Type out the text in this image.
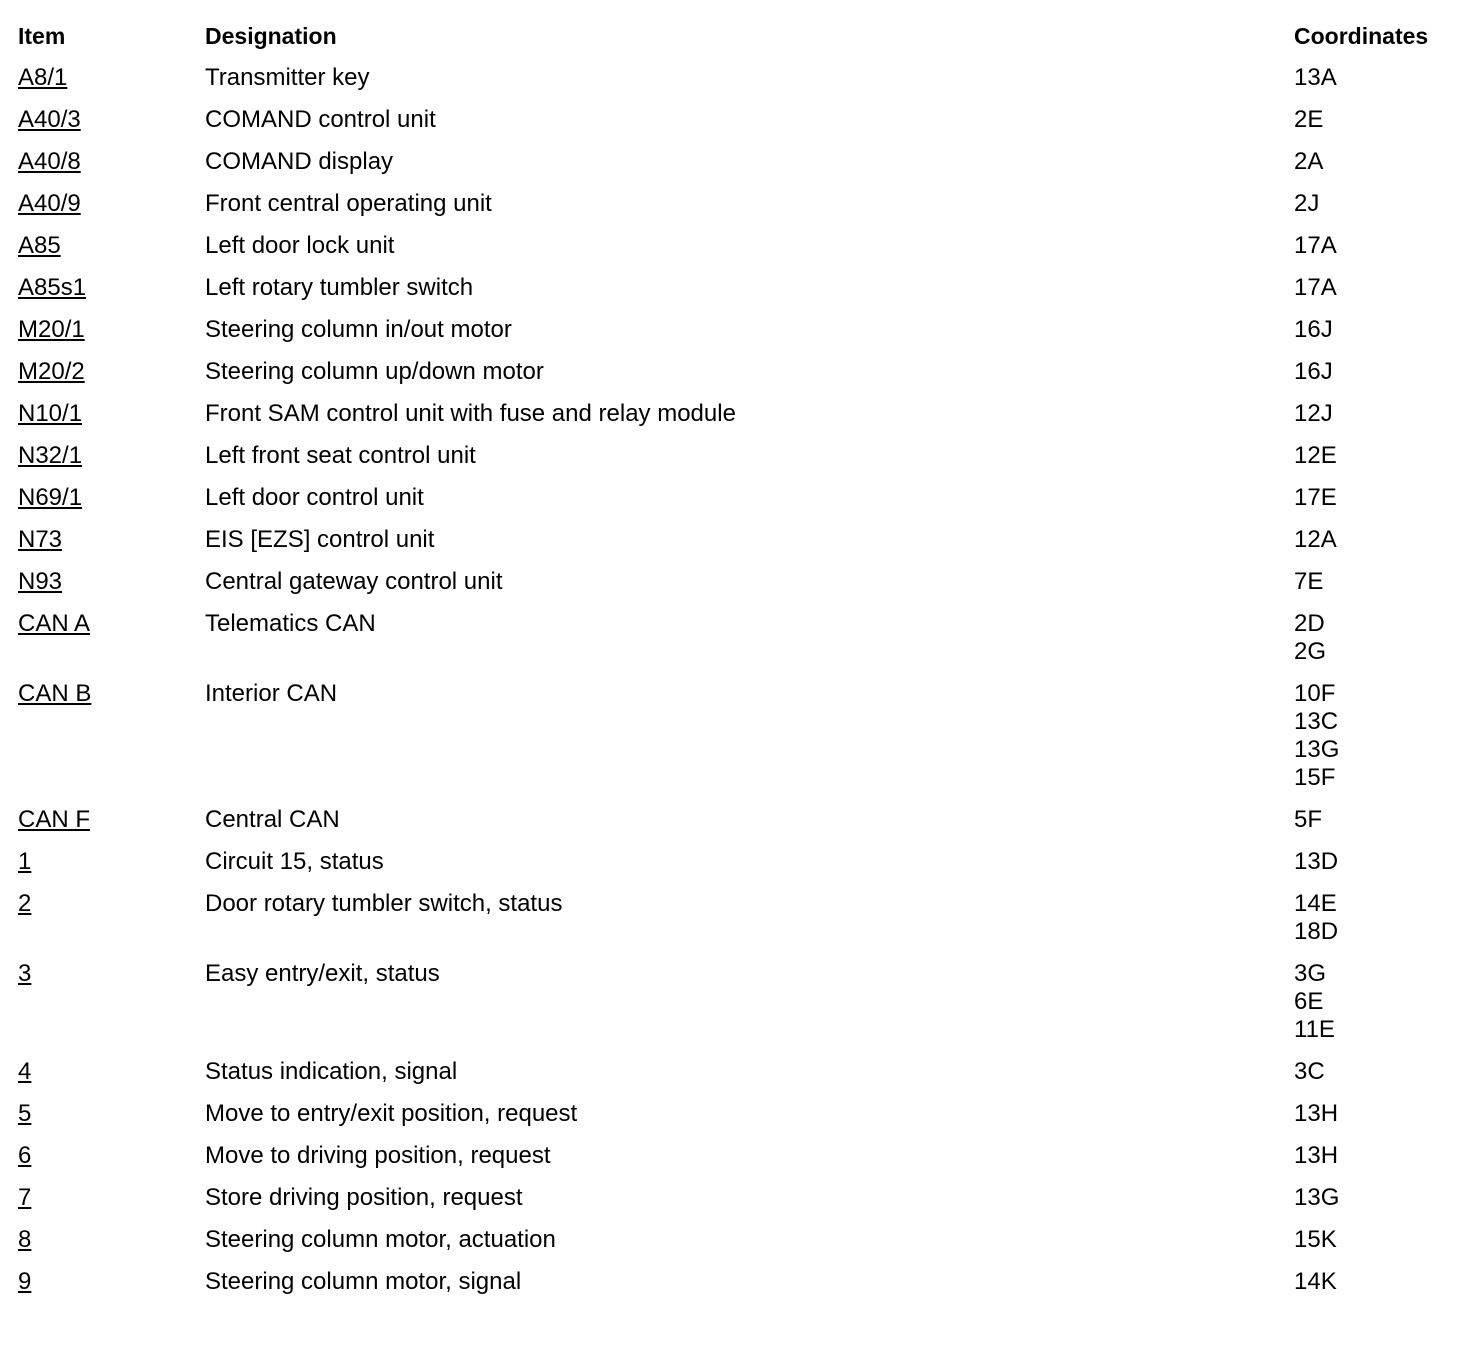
Item	Designation	Coordinates
A8/1	Transmitter key	13A
A40/3	COMAND control unit	2E
A40/8	COMAND display	2A
A40/9	Front central operating unit	2J
A85	Left door lock unit	17A
A85s1	Left rotary tumbler switch	17A
M20/1	Steering column in/out motor	16J
M20/2	Steering column up/down motor	16J
N10/1	Front SAM control unit with fuse and relay module	12J
N32/1	Left front seat control unit	12E
N69/1	Left door control unit	17E
N73	EIS [EZS] control unit	12A
N93	Central gateway control unit	7E
CAN A	Telematics CAN	2D
2G
CAN B	Interior CAN	10F
13C
13G
15F
CAN F	Central CAN	5F
1	Circuit 15, status	13D
2	Door rotary tumbler switch, status	14E
18D
3	Easy entry/exit, status	3G
6E
11E
4	Status indication, signal	3C
5	Move to entry/exit position, request	13H
6	Move to driving position, request	13H
7	Store driving position, request	13G
8	Steering column motor, actuation	15K
9	Steering column motor, signal	14K
